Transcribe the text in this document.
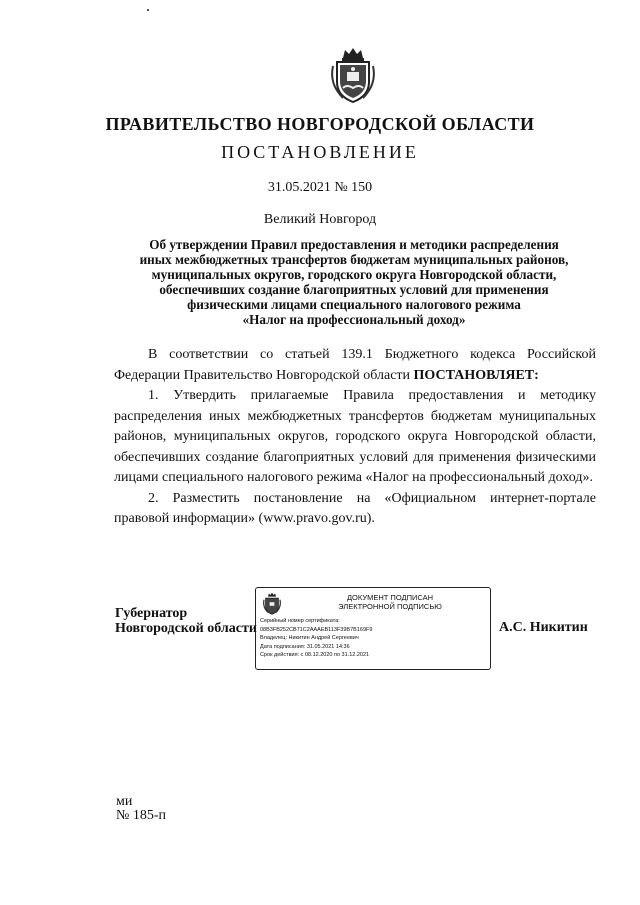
ПРАВИТЕЛЬСТВО НОВГОРОДСКОЙ ОБЛАСТИ
ПОСТАНОВЛЕНИЕ
31.05.2021 № 150
Великий Новгород
Об утверждении Правил предоставления и методики распределения
иных межбюджетных трансфертов бюджетам муниципальных районов,
муниципальных округов, городского округа Новгородской области,
обеспечивших создание благоприятных условий для применения
физическими лицами специального налогового режима
«Налог на профессиональный доход»

В соответствии со статьей 139.1 Бюджетного кодекса Российской Федерации Правительство Новгородской области ПОСТАНОВЛЯЕТ:

1. Утвердить прилагаемые Правила предоставления и методику распределения иных межбюджетных трансфертов бюджетам муниципальных районов, муниципальных округов, городского округа Новгородской области, обеспечивших создание благоприятных условий для применения физическими лицами специального налогового режима «Налог на профессиональный доход».

2. Разместить постановление на «Официальном интернет-портале правовой информации» (www.pravo.gov.ru).

Губернатор
Новгородской области
ДОКУМЕНТ ПОДПИСАН
ЭЛЕКТРОННОЙ ПОДПИСЬЮ
Серийный номер сертификата:
08B3FB252CB71C2AAAEB113F39B7B169F9
Владелец: Никитин Андрей Сергеевич
Дата подписания: 31.05.2021 14:36
Срок действия: с 08.12.2020 по 31.12.2021
А.С. Никитин
ми
№ 185-п
